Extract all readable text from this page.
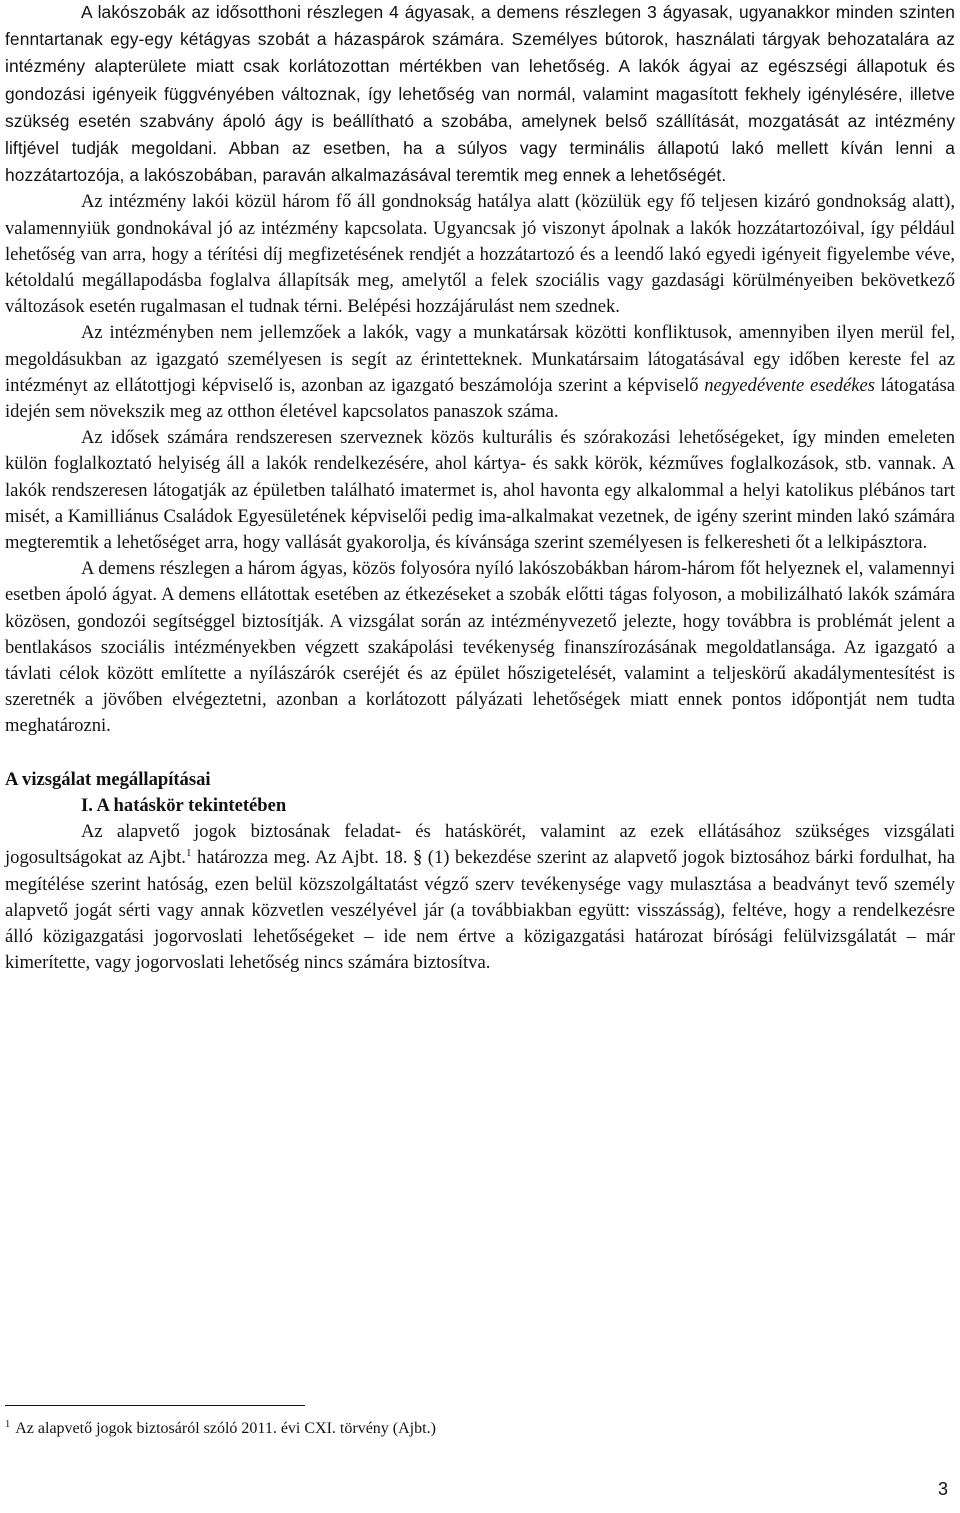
A lakószobák az idősotthoni részlegen 4 ágyasak, a demens részlegen 3 ágyasak, ugyanakkor minden szinten fenntartanak egy-egy kétágyas szobát a házaspárok számára. Személyes bútorok, használati tárgyak behozatalára az intézmény alapterülete miatt csak korlátozottan mértékben van lehetőség. A lakók ágyai az egészségi állapotuk és gondozási igényeik függvényében változnak, így lehetőség van normál, valamint magasított fekhely igénylésére, illetve szükség esetén szabvány ápoló ágy is beállítható a szobába, amelynek belső szállítását, mozgatását az intézmény liftjével tudják megoldani. Abban az esetben, ha a súlyos vagy terminális állapotú lakó mellett kíván lenni a hozzátartozója, a lakószobában, paraván alkalmazásával teremtik meg ennek a lehetőségét.

Az intézmény lakói közül három fő áll gondnokság hatálya alatt (közülük egy fő teljesen kizáró gondnokság alatt), valamennyiük gondnokával jó az intézmény kapcsolata. Ugyancsak jó viszonyt ápolnak a lakók hozzátartozóival, így például lehetőség van arra, hogy a térítési díj megfizetésének rendjét a hozzátartozó és a leendő lakó egyedi igényeit figyelembe véve, kétoldalú megállapodásba foglalva állapítsák meg, amelytől a felek szociális vagy gazdasági körülményeiben bekövetkező változások esetén rugalmasan el tudnak térni. Belépési hozzájárulást nem szednek.

Az intézményben nem jellemzőek a lakók, vagy a munkatársak közötti konfliktusok, amennyiben ilyen merül fel, megoldásukban az igazgató személyesen is segít az érintetteknek. Munkatársaim látogatásával egy időben kereste fel az intézményt az ellátottjogi képviselő is, azonban az igazgató beszámolója szerint a képviselő negyedévente esedékes látogatása idején sem növekszik meg az otthon életével kapcsolatos panaszok száma.

Az idősek számára rendszeresen szerveznek közös kulturális és szórakozási lehetőségeket, így minden emeleten külön foglalkoztató helyiség áll a lakók rendelkezésére, ahol kártya- és sakk körök, kézműves foglalkozások, stb. vannak. A lakók rendszeresen látogatják az épületben található imatermet is, ahol havonta egy alkalommal a helyi katolikus plébános tart misét, a Kamilliánus Családok Egyesületének képviselői pedig ima-alkalmakat vezetnek, de igény szerint minden lakó számára megteremtik a lehetőséget arra, hogy vallását gyakorolja, és kívánsága szerint személyesen is felkeresheti őt a lelkipásztora.

A demens részlegen a három ágyas, közös folyosóra nyíló lakószobákban három-három főt helyeznek el, valamennyi esetben ápoló ágyat. A demens ellátottak esetében az étkezéseket a szobák előtti tágas folyoson, a mobilizálható lakók számára közösen, gondozói segítséggel biztosítják. A vizsgálat során az intézményvezető jelezte, hogy továbbra is problémát jelent a bentlakásos szociális intézményekben végzett szakápolási tevékenység finanszírozásának megoldatlansága. Az igazgató a távlati célok között említette a nyílászárók cseréjét és az épület hőszigetelését, valamint a teljeskörű akadálymentesítést is szeretnék a jövőben elvégeztetni, azonban a korlátozott pályázati lehetőségek miatt ennek pontos időpontját nem tudta meghatározni.

A vizsgálat megállapításai
I. A hatáskör tekintetében

Az alapvető jogok biztosának feladat- és hatáskörét, valamint az ezek ellátásához szükséges vizsgálati jogosultságokat az Ajbt.$^1$ határozza meg. Az Ajbt. 18. § (1) bekezdése szerint az alapvető jogok biztosához bárki fordulhat, ha megítélése szerint hatóság, ezen belül közszolgáltatást végző szerv tevékenysége vagy mulasztása a beadványt tevő személy alapvető jogát sérti vagy annak közvetlen veszélyével jár (a továbbiakban együtt: visszásság), feltéve, hogy a rendelkezésre álló közigazgatási jogorvoslati lehetőségeket – ide nem értve a közigazgatási határozat bírósági felülvizsgálatát – már kimerítette, vagy jogorvoslati lehetőség nincs számára biztosítva.

$^1$ Az alapvető jogok biztosáról szóló 2011. évi CXI. törvény (Ajbt.)

3
